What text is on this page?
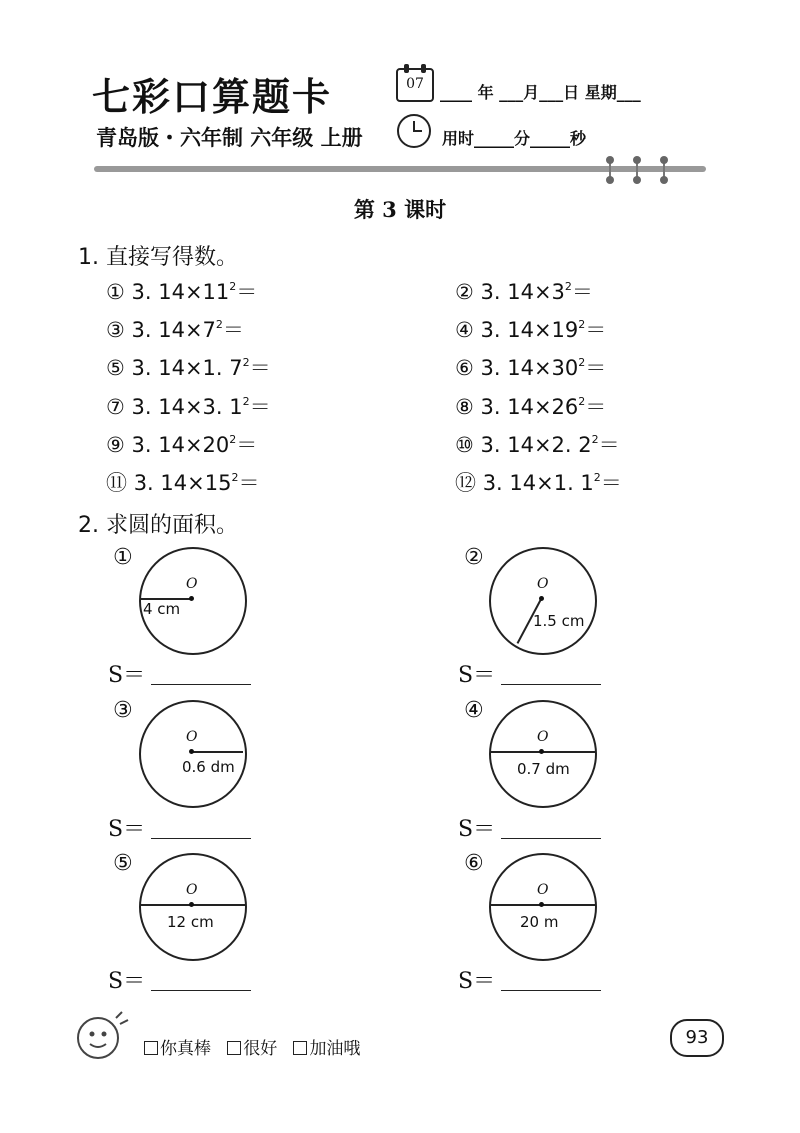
七彩口算题卡
青岛版・六年制 六年级 上册
07	____ 年 ___月___日 星期___
用时_____分_____秒
第 3 课时
1. 直接写得数。
① 3. $14\times 11^2=$	② 3. $14\times 3^2=$
③ 3. $14\times 7^2=$	④ 3. $14\times 19^2=$
⑤ 3. 14×1. $7^2=$	⑥ 3. $14\times 30^2=$
⑦ 3. 14×3. $1^2=$	⑧ 3. $14\times 26^2=$
⑨ 3. $14\times 20^2=$	⑩ 3. 14×2. $2^2=$
⑪ 3. $14\times 15^2=$	⑫ 3. 14×1. $1^2=$
2. 求圆的面积。
①
O
4 cm
②
O
1.5 cm
S＝	S＝
③
O
0.6 dm
④
O
0.7 dm
S＝	S＝
⑤
O
12 cm
⑥
O
20 m
S＝	S＝
你真棒 很好 加油哦
93
